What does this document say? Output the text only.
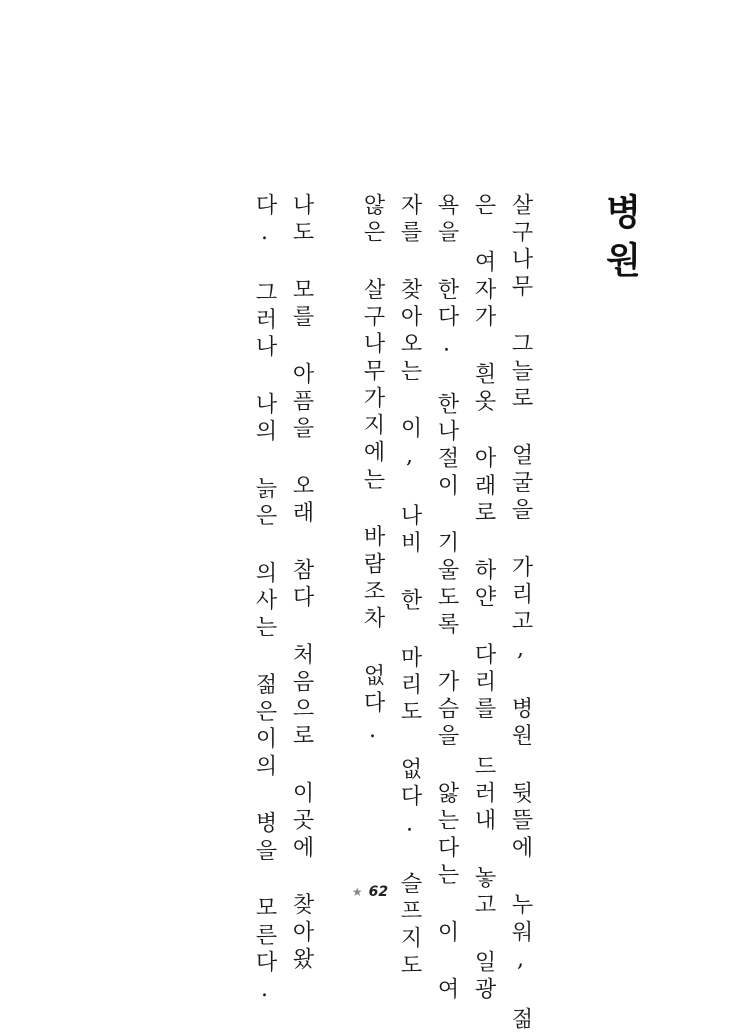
병원
살구나무 그늘로 얼굴을 가리고, 병원 뒷뜰에 누워, 젊
은 여자가 흰옷 아래로 하얀 다리를 드러내 놓고 일광
욕을 한다. 한나절이 기울도록 가슴을 앓는다는 이 여
자를 찾아오는 이, 나비 한 마리도 없다. 슬프지도
않은 살구나무가지에는 바람조차 없다.
나도 모를 아픔을 오래 참다 처음으로 이곳에 찾아왔
다. 그러나 나의 늙은 의사는 젊은이의 병을 모른다.	★ 62
